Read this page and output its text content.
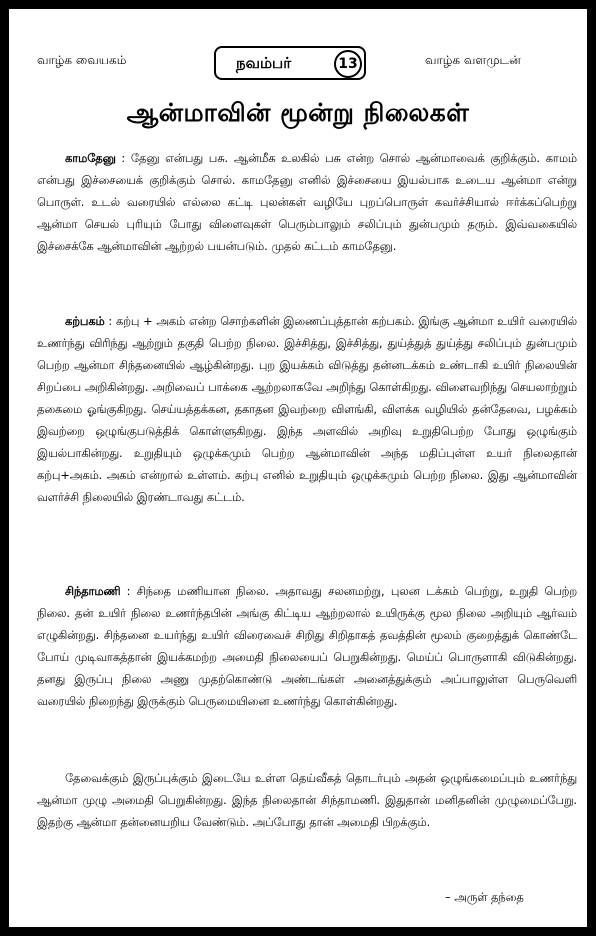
வாழ்க வையகம்	நவம்பர்	13	வாழ்க வளமுடன்
ஆன்மாவின் மூன்று நிலைகள்

காமதேனு : தேனு என்பது பசு. ஆன்மீக உலகில் பசு என்ற சொல் ஆன்மாவைக் குறிக்கும். காமம் என்பது இச்சையைக் குறிக்கும் சொல். காமதேனு எனில் இச்சையை இயல்பாக உடைய ஆன்மா என்று பொருள். உடல் வரையில் எல்லை கட்டி புலன்கள் வழியே புறப்பொருள் கவர்ச்சியால் ஈர்க்கப்பெற்று ஆன்மா செயல் புரியும் போது விளைவுகள் பெரும்பாலும் சலிப்பும் துன்பமும் தரும். இவ்வகையில் இச்சைக்கே ஆன்மாவின் ஆற்றல் பயன்படும். முதல் கட்டம் காமதேனு.

கற்பகம் : கற்பு + அகம் என்ற சொற்களின் இணைப்புத்தான் கற்பகம். இங்கு ஆன்மா உயிர் வரையில் உணர்ந்து விரிந்து ஆற்றும் தகுதி பெற்ற நிலை. இச்சித்து, இச்சித்து, துய்த்துத் துய்த்து சலிப்பும் துன்பமும் பெற்ற ஆன்மா சிந்தனையில் ஆழ்கின்றது. புற இயக்கம் விடுத்து தன்னடக்கம் உண்டாகி உயிர் நிலையின் சிறப்பை அறிகின்றது. அறிவைப் பாக்கை ஆற்றலாகவே அறிந்து கொள்கிறது. விளைவறிந்து செயலாற்றும் தகைமை ஓங்குகிறது. செய்யத்தக்கன, தகாதன இவற்றை விளங்கி, விளக்க வழியில் தன்தேவை, பழக்கம் இவற்றை ஒழுங்குபடுத்திக் கொள்ளுகிறது. இந்த அளவில் அறிவு உறுதிபெற்ற போது ஒழுங்கும் இயல்பாகின்றது. உறுதியும் ஒழுக்கமும் பெற்ற ஆன்மாவின் அந்த மதிப்புள்ள உயர் நிலைதான் கற்பு+அகம். அகம் என்றால் உள்ளம். கற்பு எனில் உறுதியும் ஒழுக்கமும் பெற்ற நிலை. இது ஆன்மாவின் வளர்ச்சி நிலையில் இரண்டாவது கட்டம்.

சிந்தாமணி : சிந்தை மணியான நிலை. அதாவது சலனமற்று, புலன டக்கம் பெற்று, உறுதி பெற்ற நிலை. தன் உயிர் நிலை உணர்ந்தபின் அங்கு கிட்டிய ஆற்றலால் உயிருக்கு மூல நிலை அறியும் ஆர்வம் எழுகின்றது. சிந்தனை உயர்ந்து உயிர் விரைவைச் சிறிது சிறிதாகத் தவத்தின் மூலம் குறைத்துக் கொண்டே போய் முடிவாகத்தான் இயக்கமற்ற அமைதி நிலையைப் பெறுகின்றது. மெய்ப் பொருளாகி விடுகின்றது. தனது இருப்பு நிலை அணு முதற்கொண்டு அண்டங்கள் அனைத்துக்கும் அப்பாலுள்ள பெருவெளி வரையில் நிறைந்து இருக்கும் பெருமையினை உணர்ந்து கொள்கின்றது.

தேவைக்கும் இருப்புக்கும் இடையே உள்ள தெய்வீகத் தொடர்பும் அதன் ஒழுங்கமைப்பும் உணர்ந்து ஆன்மா முழு அமைதி பெறுகின்றது. இந்த நிலைதான் சிந்தாமணி. இதுதான் மனிதனின் முழுமைப்பேறு. இதற்கு ஆன்மா தன்னையறிய வேண்டும். அப்போது தான் அமைதி பிறக்கும்.

– அருள் தந்தை
